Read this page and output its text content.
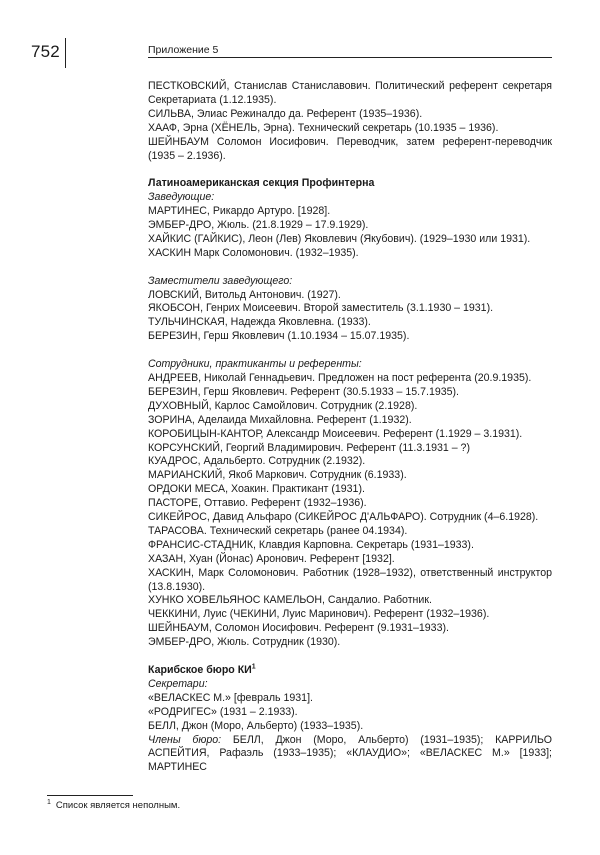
752	Приложение 5

ПЕСТКОВСКИЙ, Станислав Станиславович. Политический референт секретаря Секретариата (1.12.1935).

СИЛЬВА, Элиас Режиналдо да. Референт (1935–1936).

ХААФ, Эрна (ХЁНЕЛЬ, Эрна). Технический секретарь (10.1935 – 1936).

ШЕЙНБАУМ Соломон Иосифович. Переводчик, затем референт-переводчик (1935 – 2.1936).

Латиноамериканская секция Профинтерна

Заведующие:

МАРТИНЕС, Рикардо Артуро. [1928].

ЭМБЕР-ДРО, Жюль. (21.8.1929 – 17.9.1929).

ХАЙКИС (ГАЙКИС), Леон (Лев) Яковлевич (Якубович). (1929–1930 или 1931).

ХАСКИН Марк Соломонович. (1932–1935).

Заместители заведующего:

ЛОВСКИЙ, Витольд Антонович. (1927).

ЯКОБСОН, Генрих Моисеевич. Второй заместитель (3.1.1930 – 1931).

ТУЛЬЧИНСКАЯ, Надежда Яковлевна. (1933).

БЕРЕЗИН, Герш Яковлевич (1.10.1934 – 15.07.1935).

Сотрудники, практиканты и референты:

АНДРЕЕВ, Николай Геннадьевич. Предложен на пост референта (20.9.1935).

БЕРЕЗИН, Герш Яковлевич. Референт (30.5.1933 – 15.7.1935).

ДУХОВНЫЙ, Карлос Самойлович. Сотрудник (2.1928).

ЗОРИНА, Аделаида Михайловна. Референт (1.1932).

КОРОБИЦЫН-КАНТОР, Александр Моисеевич. Референт (1.1929 – 3.1931).

КОРСУНСКИЙ, Георгий Владимирович. Референт (11.3.1931 – ?)

КУАДРОС, Адальберто. Сотрудник (2.1932).

МАРИАНСКИЙ, Якоб Маркович. Сотрудник (6.1933).

ОРДОКИ МЕСА, Хоакин. Практикант (1931).

ПАСТОРЕ, Оттавио. Референт (1932–1936).

СИКЕЙРОС, Давид Альфаро (СИКЕЙРОС Д'АЛЬФАРО). Сотрудник (4–6.1928).

ТАРАСОВА. Технический секретарь (ранее 04.1934).

ФРАНСИС-СТАДНИК, Клавдия Карповна. Секретарь (1931–1933).

ХАЗАН, Хуан (Йонас) Аронович. Референт [1932].

ХАСКИН, Марк Соломонович. Работник (1928–1932), ответственный инструктор (13.8.1930).

ХУНКО ХОВЕЛЬЯНОС КАМЕЛЬОН, Сандалио. Работник.

ЧЕККИНИ, Луис (ЧЕКИНИ, Луис Маринович). Референт (1932–1936).

ШЕЙНБАУМ, Соломон Иосифович. Референт (9.1931–1933).

ЭМБЕР-ДРО, Жюль. Сотрудник (1930).

Карибское бюро $КИ^1$

Секретари:

«ВЕЛАСКЕС М.» [февраль 1931].

«РОДРИГЕС» (1931 – 2.1933).

БЕЛЛ, Джон (Моро, Альберто) (1933–1935).

Члены бюро: БЕЛЛ, Джон (Моро, Альберто) (1931–1935); КАРРИЛЬО АСПЕЙТИЯ, Рафаэль (1933–1935); «КЛАУДИО»; «ВЕЛАСКЕС М.» [1933]; МАРТИНЕС

$^1$ Список является неполным.
